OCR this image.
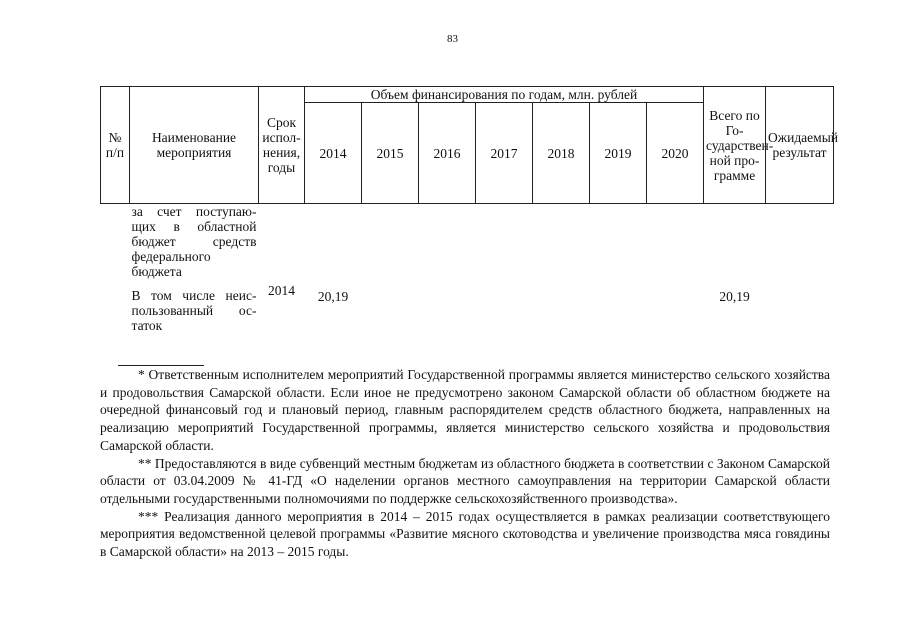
83
№ п/п	Наименование мероприятия	Срок испол-нения, годы	Объем финансирования по годам, млн. рублей							Всего по Го-сударствен-ной про-грамме	Ожидаемый результат
			2014	2015	2016	2017	2018	2019	2020		
	за счет поступаю-щих в областной бюджет средств федерального бюджета										
	В том числе неис-пользованный ос-таток	2014	20,19							20,19	

* Ответственным исполнителем мероприятий Государственной программы является министерство сельского хозяйства и продовольствия Самарской области. Если иное не предусмотрено законом Самарской области об областном бюджете на очередной финансовый год и плановый период, главным распорядителем средств областного бюджета, направленных на реализацию мероприятий Государственной программы, является министерство сельского хозяйства и продовольствия Самарской области.

** Предоставляются в виде субвенций местным бюджетам из областного бюджета в соответствии с Законом Самарской области от 03.04.2009 № 41-ГД «О наделении органов местного самоуправления на территории Самарской области отдельными государственными полномочиями по поддержке сельскохозяйственного производства».

*** Реализация данного мероприятия в 2014 – 2015 годах осуществляется в рамках реализации соответствующего мероприятия ведомственной целевой программы «Развитие мясного скотоводства и увеличение производства мяса говядины в Самарской области» на 2013 – 2015 годы.
